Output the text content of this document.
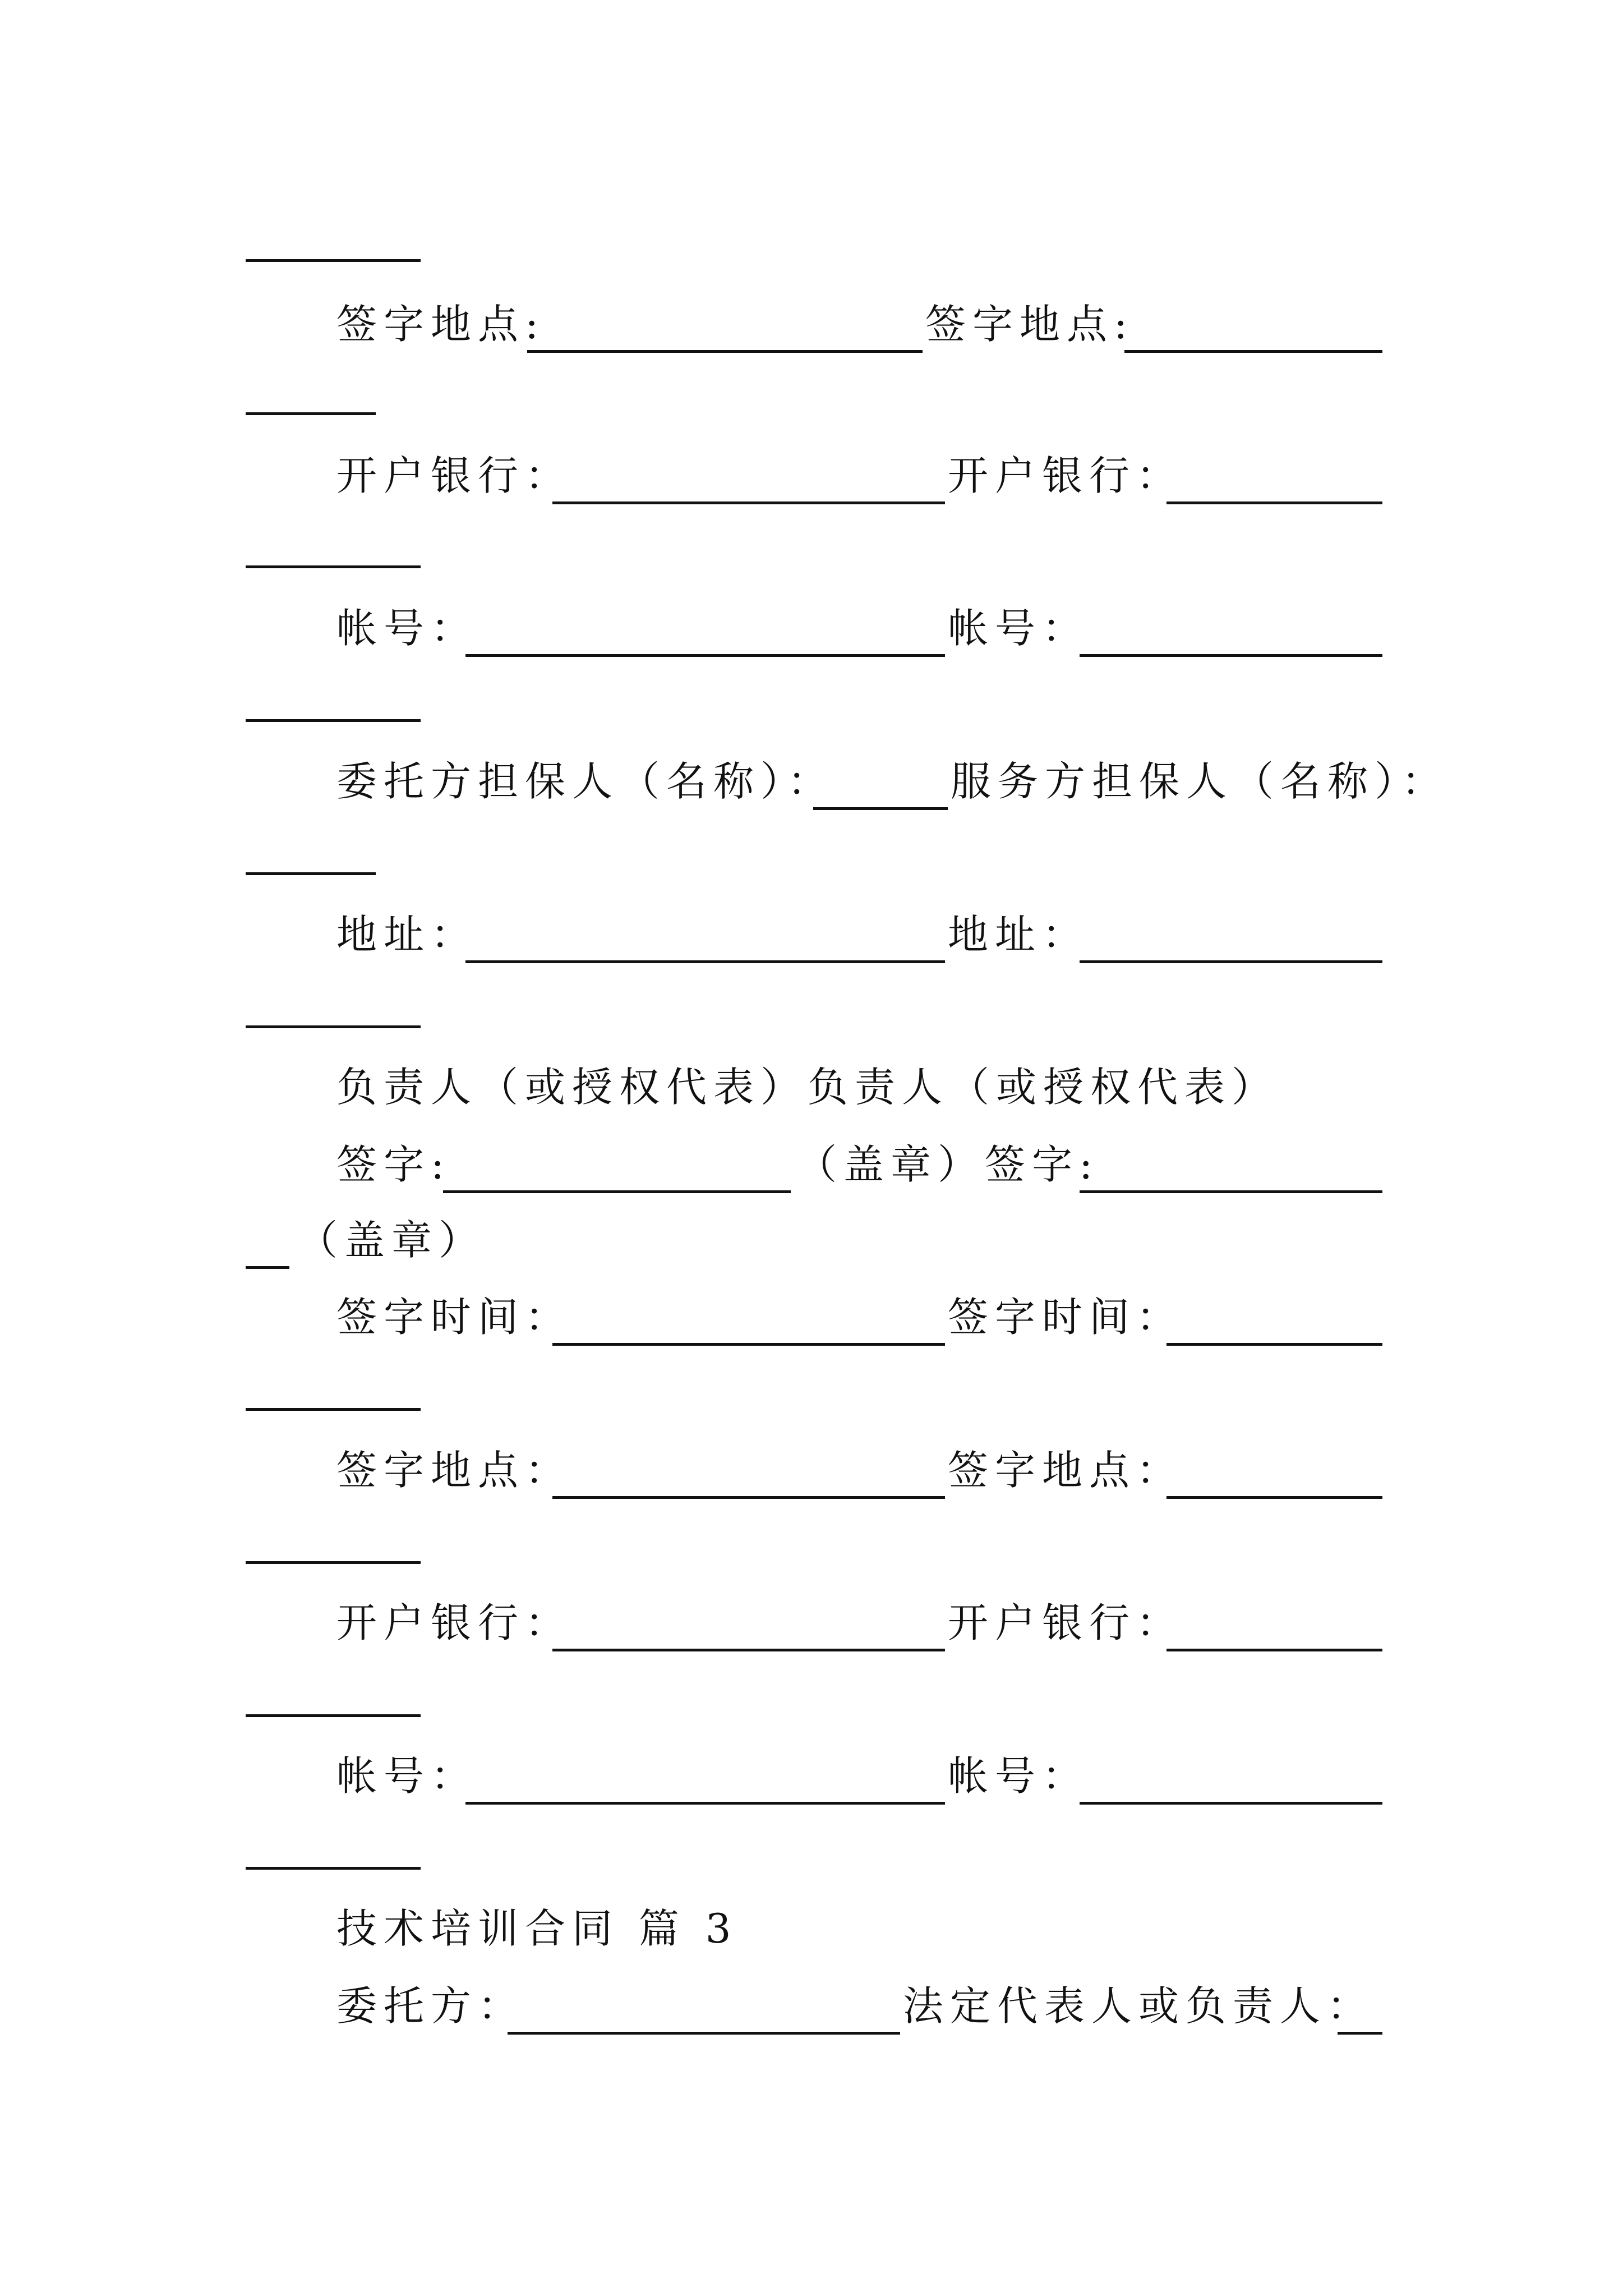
签字地点:	签字地点:
开户银行：	开户银行：
帐号：	帐号：
委托方担保人（名称）：	服务方担保人（名称）：
地址：	地址：
负责人（或授权代表）负责人（或授权代表）
签字:	（盖章）签字:
（盖章）
签字时间：	签字时间：
签字地点：	签字地点：
开户银行：	开户银行：
帐号：	帐号：
技术培训合同 篇 3
委托方：	法定代表人或负责人：
